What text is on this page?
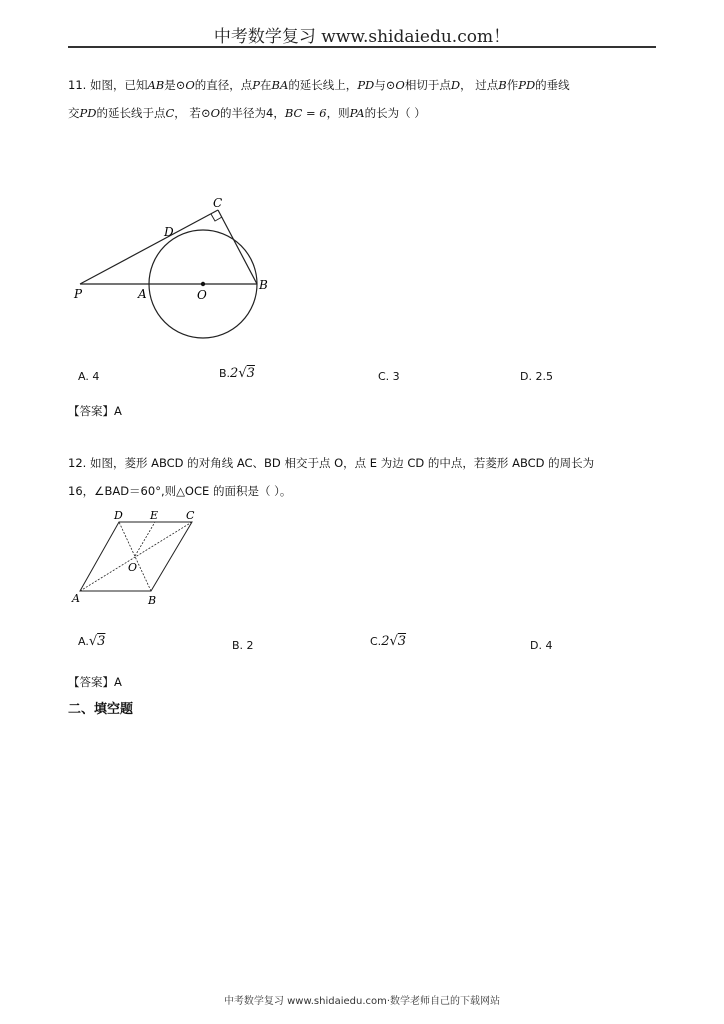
中考数学复习 www.shidaiedu.com！
11. 如图，已知AB是⊙O的直径，点P在BA的延长线上，PD与⊙O相切于点D， 过点B作PD的垂线
交PD的延长线于点C， 若⊙O的半径为4，BC = 6，则PA的长为（ ）
C
D
P	A	O
B
A. 4	B.2√3	C. 3	D. 2.5
【答案】A
12. 如图，菱形 ABCD 的对角线 AC、BD 相交于点 O，点 E 为边 CD 的中点，若菱形 ABCD 的周长为
16，∠BAD＝60°,则△OCE 的面积是（ ）。
D E	C
O
A	B
A.√3	B. 2	C.2√3	D. 4
【答案】A
二、填空题
中考数学复习 www.shidaiedu.com·数学老师自己的下载网站
